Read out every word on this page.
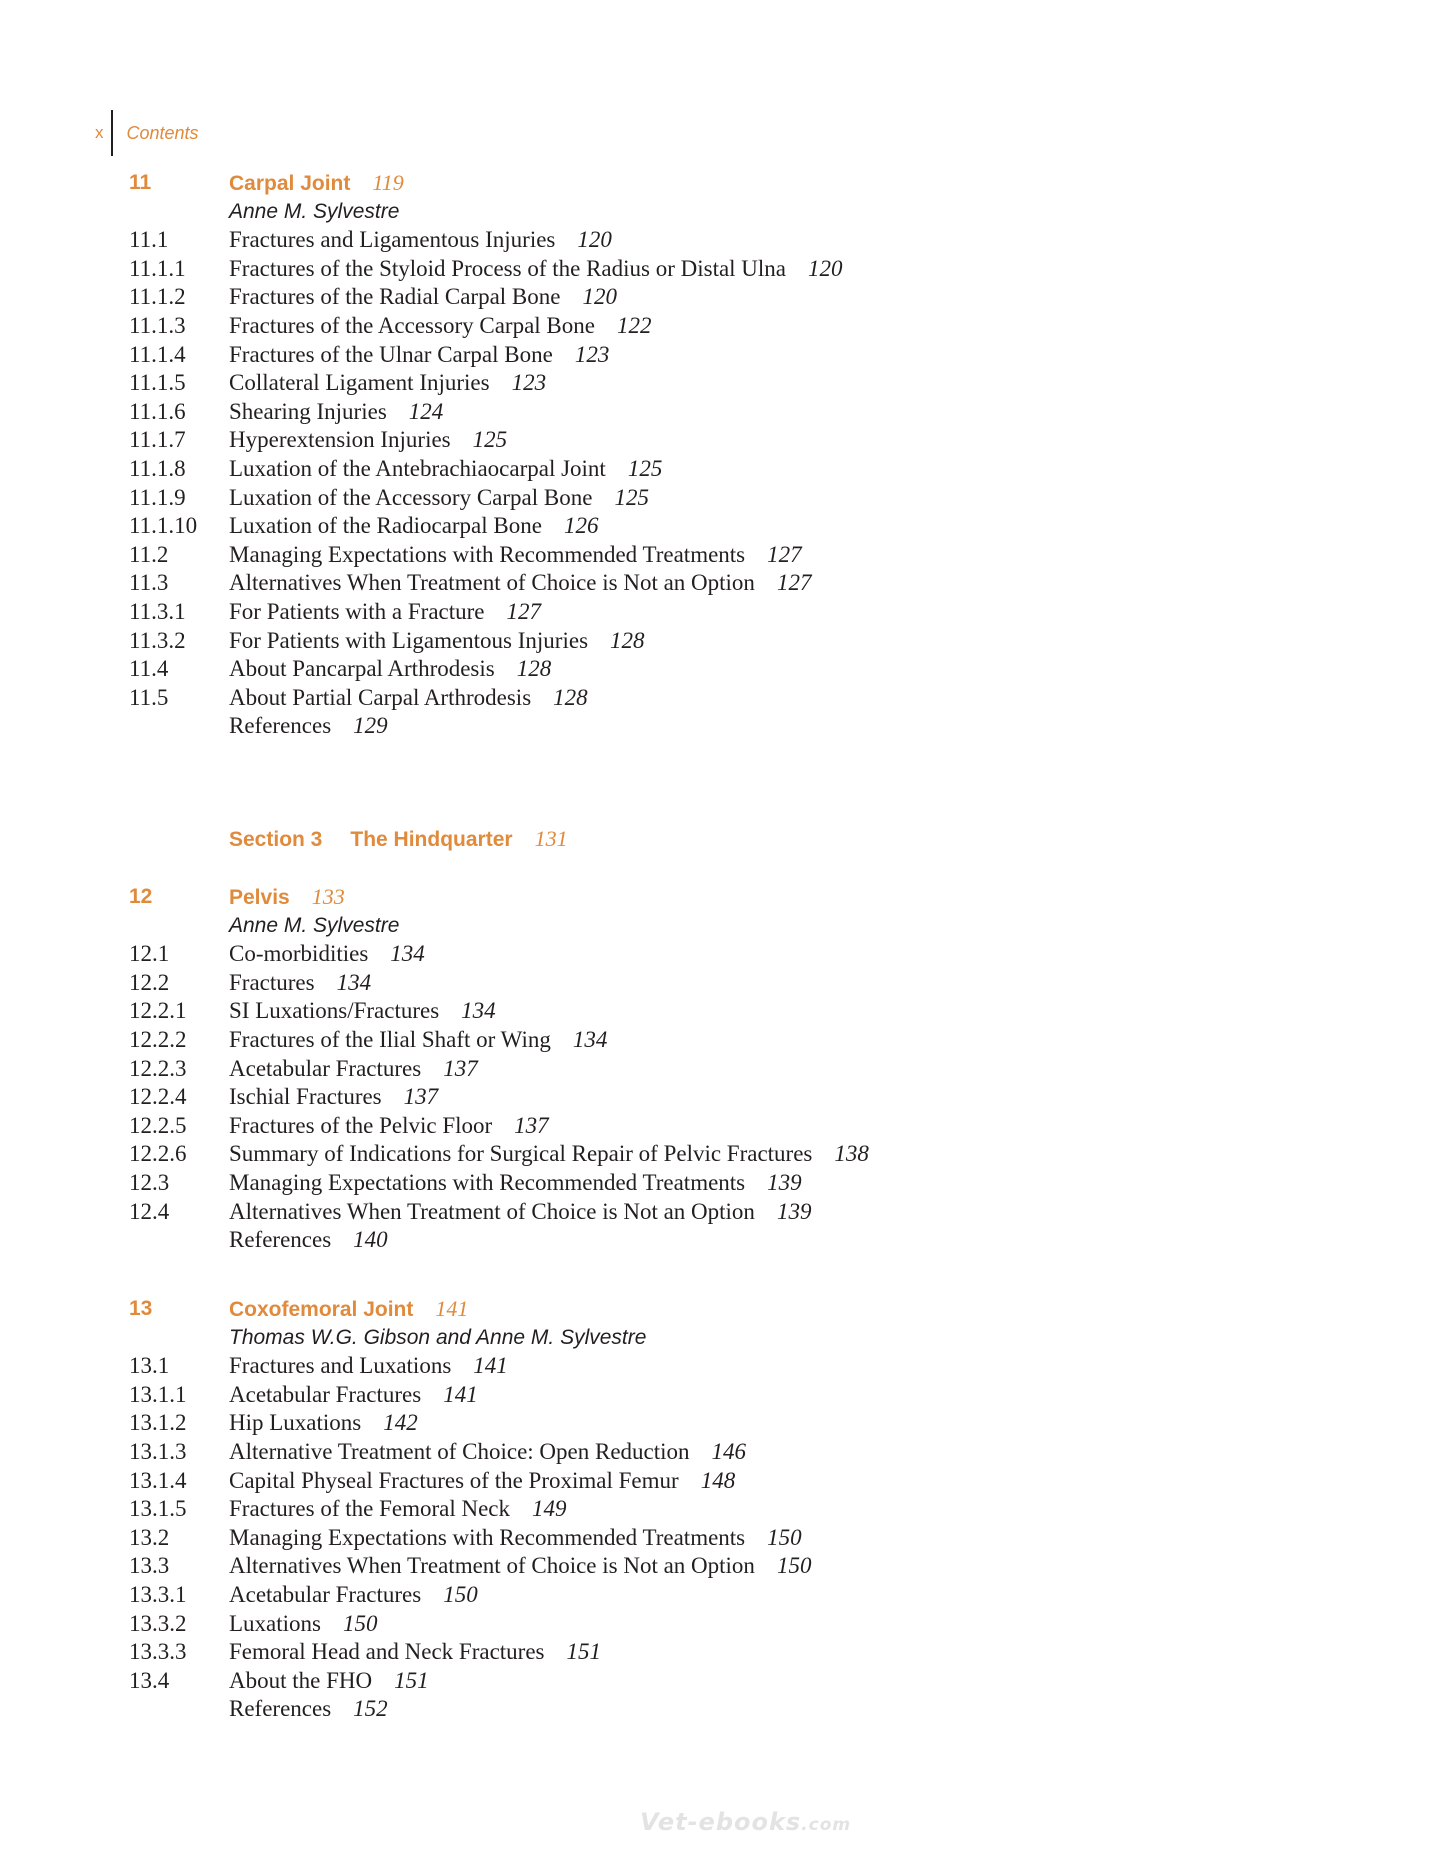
x Contents
11	Carpal Joint 119
Anne M. Sylvestre
11.1	Fractures and Ligamentous Injuries 120
11.1.1 Fractures of the Styloid Process of the Radius or Distal Ulna 120
11.1.2 Fractures of the Radial Carpal Bone 120
11.1.3 Fractures of the Accessory Carpal Bone 122
11.1.4 Fractures of the Ulnar Carpal Bone 123
11.1.5 Collateral Ligament Injuries 123
11.1.6 Shearing Injuries 124
11.1.7 Hyperextension Injuries 125
11.1.8 Luxation of the Antebrachiaocarpal Joint 125
11.1.9 Luxation of the Accessory Carpal Bone 125
11.1.10 Luxation of the Radiocarpal Bone 126
11.2	Managing Expectations with Recommended Treatments 127
11.3	Alternatives When Treatment of Choice is Not an Option 127
11.3.1 For Patients with a Fracture 127
11.3.2 For Patients with Ligamentous Injuries 128
11.4	About Pancarpal Arthrodesis 128
11.5	About Partial Carpal Arthrodesis 128
References 129
Section 3 The Hindquarter 131
12	Pelvis 133
Anne M. Sylvestre
12.1	Co-morbidities 134
12.2	Fractures 134
12.2.1 SI Luxations/Fractures 134
12.2.2 Fractures of the Ilial Shaft or Wing 134
12.2.3 Acetabular Fractures 137
12.2.4 Ischial Fractures 137
12.2.5 Fractures of the Pelvic Floor 137
12.2.6 Summary of Indications for Surgical Repair of Pelvic Fractures 138
12.3	Managing Expectations with Recommended Treatments 139
12.4	Alternatives When Treatment of Choice is Not an Option 139
References 140
13	Coxofemoral Joint 141
Thomas W.G. Gibson and Anne M. Sylvestre
13.1	Fractures and Luxations 141
13.1.1 Acetabular Fractures 141
13.1.2 Hip Luxations 142
13.1.3 Alternative Treatment of Choice: Open Reduction 146
13.1.4 Capital Physeal Fractures of the Proximal Femur 148
13.1.5 Fractures of the Femoral Neck 149
13.2	Managing Expectations with Recommended Treatments 150
13.3	Alternatives When Treatment of Choice is Not an Option 150
13.3.1 Acetabular Fractures 150
13.3.2 Luxations 150
13.3.3 Femoral Head and Neck Fractures 151
13.4	About the FHO 151
References 152
Vet-ebooks.com
